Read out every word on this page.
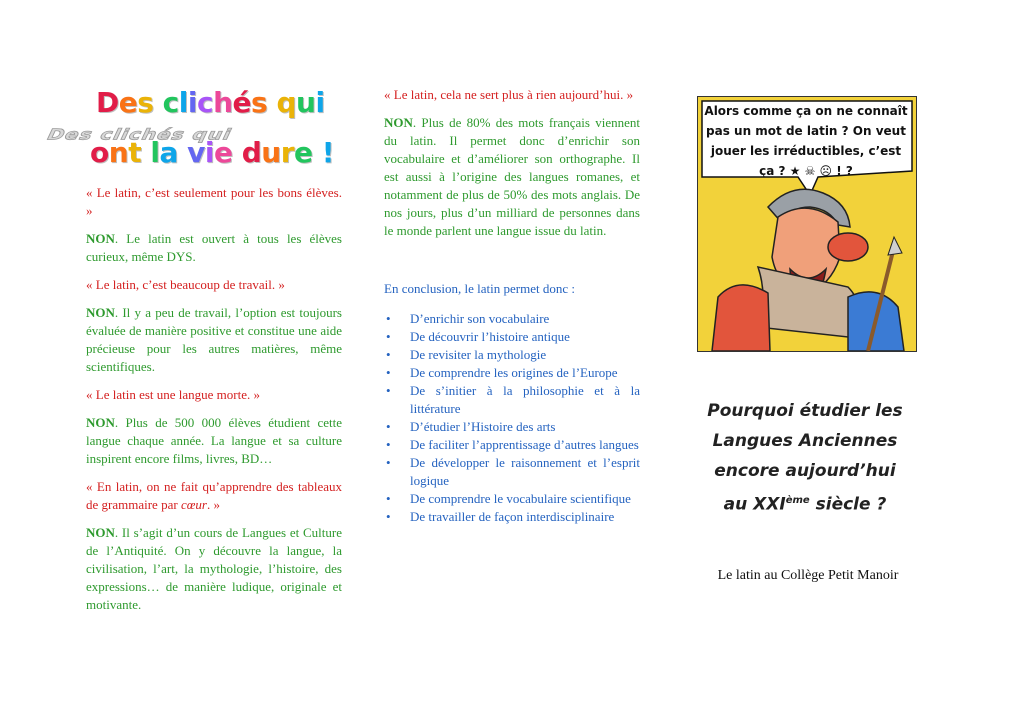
Des clichés qui
Des clichés qui
ont la vie dure !

« Le latin, c’est seulement pour les bons élèves. »

NON. Le latin est ouvert à tous les élèves curieux, même DYS.

« Le latin, c’est beaucoup de travail. »

NON. Il y a peu de travail, l’option est toujours évaluée de manière positive et constitue une aide précieuse pour les autres matières, même scientifiques.

« Le latin est une langue morte. »

NON. Plus de 500 000 élèves étudient cette langue chaque année. La langue et sa culture inspirent encore films, livres, BD…

« En latin, on ne fait qu’apprendre des tableaux de grammaire par cœur. »

NON. Il s’agit d’un cours de Langues et Culture de l’Antiquité. On y découvre la langue, la civilisation, l’art, la mythologie, l’histoire, des expressions… de manière ludique, originale et motivante.

« Le latin, cela ne sert plus à rien aujourd’hui. »

NON. Plus de 80% des mots français viennent du latin. Il permet donc d’enrichir son vocabulaire et d’améliorer son orthographe. Il est aussi à l’origine des langues romanes, et notamment de plus de 50% des mots anglais. De nos jours, plus d’un milliard de personnes dans le monde parlent une langue issue du latin.

En conclusion, le latin permet donc :

• D’enrichir son vocabulaire
• De découvrir l’histoire antique
• De revisiter la mythologie
• De comprendre les origines de l’Europe
• De s’initier à la philosophie et à la littérature
• D’étudier l’Histoire des arts
• De faciliter l’apprentissage d’autres langues
• De développer le raisonnement et l’esprit logique
• De comprendre le vocabulaire scientifique
• De travailler de façon interdisciplinaire
Alors comme ça on ne connaît pas un mot de latin ? On veut jouer les irréductibles, c’est ça ? ★ ☠ ☹ ! ?
Pourquoi étudier les
Langues Anciennes
encore aujourd’hui
au XXIème siècle ?
Le latin au Collège Petit Manoir
